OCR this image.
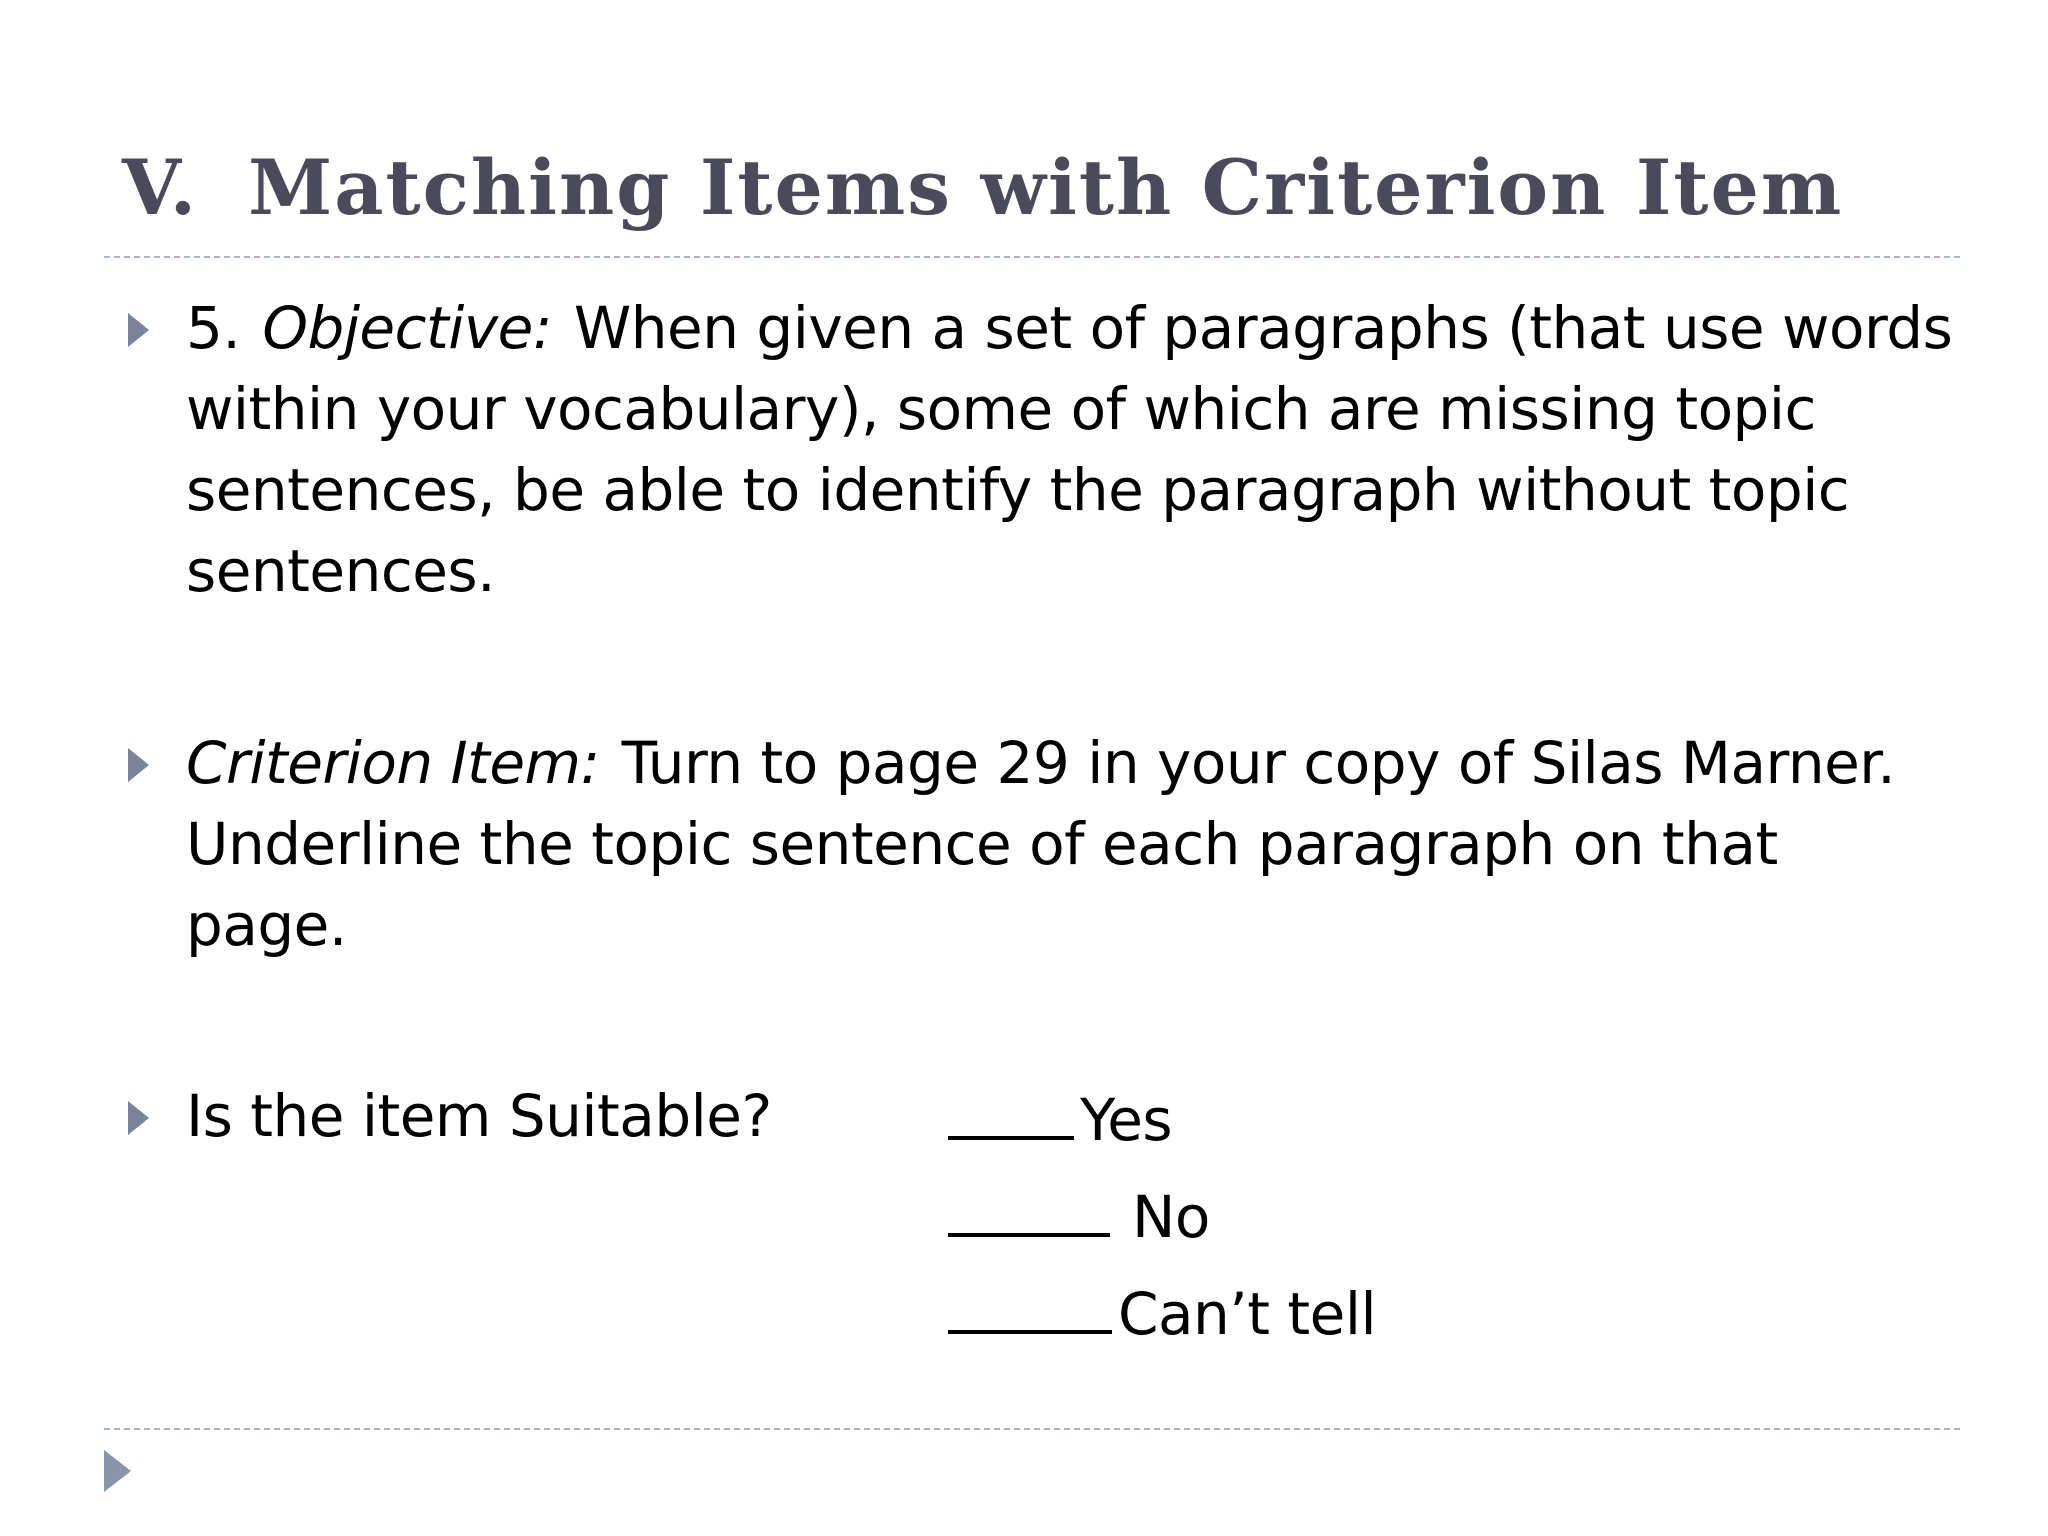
V. Matching Items with Criterion Item

5. Objective: When given a set of paragraphs (that use words within your vocabulary), some of which are missing topic sentences, be able to identify the paragraph without topic sentences.

Criterion Item: Turn to page 29 in your copy of Silas Marner. Underline the topic sentence of each paragraph on that page.

Is the item Suitable?	Yes
No
Can’t tell
